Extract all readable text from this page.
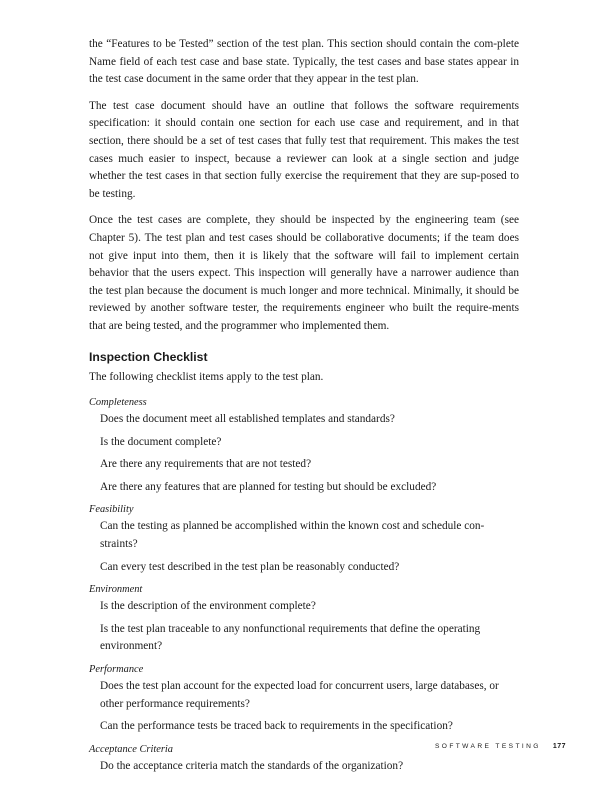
the “Features to be Tested” section of the test plan. This section should contain the com-plete Name field of each test case and base state. Typically, the test cases and base states appear in the test case document in the same order that they appear in the test plan.

The test case document should have an outline that follows the software requirements specification: it should contain one section for each use case and requirement, and in that section, there should be a set of test cases that fully test that requirement. This makes the test cases much easier to inspect, because a reviewer can look at a single section and judge whether the test cases in that section fully exercise the requirement that they are sup-posed to be testing.

Once the test cases are complete, they should be inspected by the engineering team (see Chapter 5). The test plan and test cases should be collaborative documents; if the team does not give input into them, then it is likely that the software will fail to implement certain behavior that the users expect. This inspection will generally have a narrower audience than the test plan because the document is much longer and more technical. Minimally, it should be reviewed by another software tester, the requirements engineer who built the require-ments that are being tested, and the programmer who implemented them.

Inspection Checklist

The following checklist items apply to the test plan.

Completeness
Does the document meet all established templates and standards?
Is the document complete?
Are there any requirements that are not tested?
Are there any features that are planned for testing but should be excluded?
Feasibility
Can the testing as planned be accomplished within the known cost and schedule con-straints?
Can every test described in the test plan be reasonably conducted?
Environment
Is the description of the environment complete?
Is the test plan traceable to any nonfunctional requirements that define the operating environment?
Performance
Does the test plan account for the expected load for concurrent users, large databases, or other performance requirements?
Can the performance tests be traced back to requirements in the specification?
Acceptance Criteria
Do the acceptance criteria match the standards of the organization?
SOFTWARE TESTING 177
